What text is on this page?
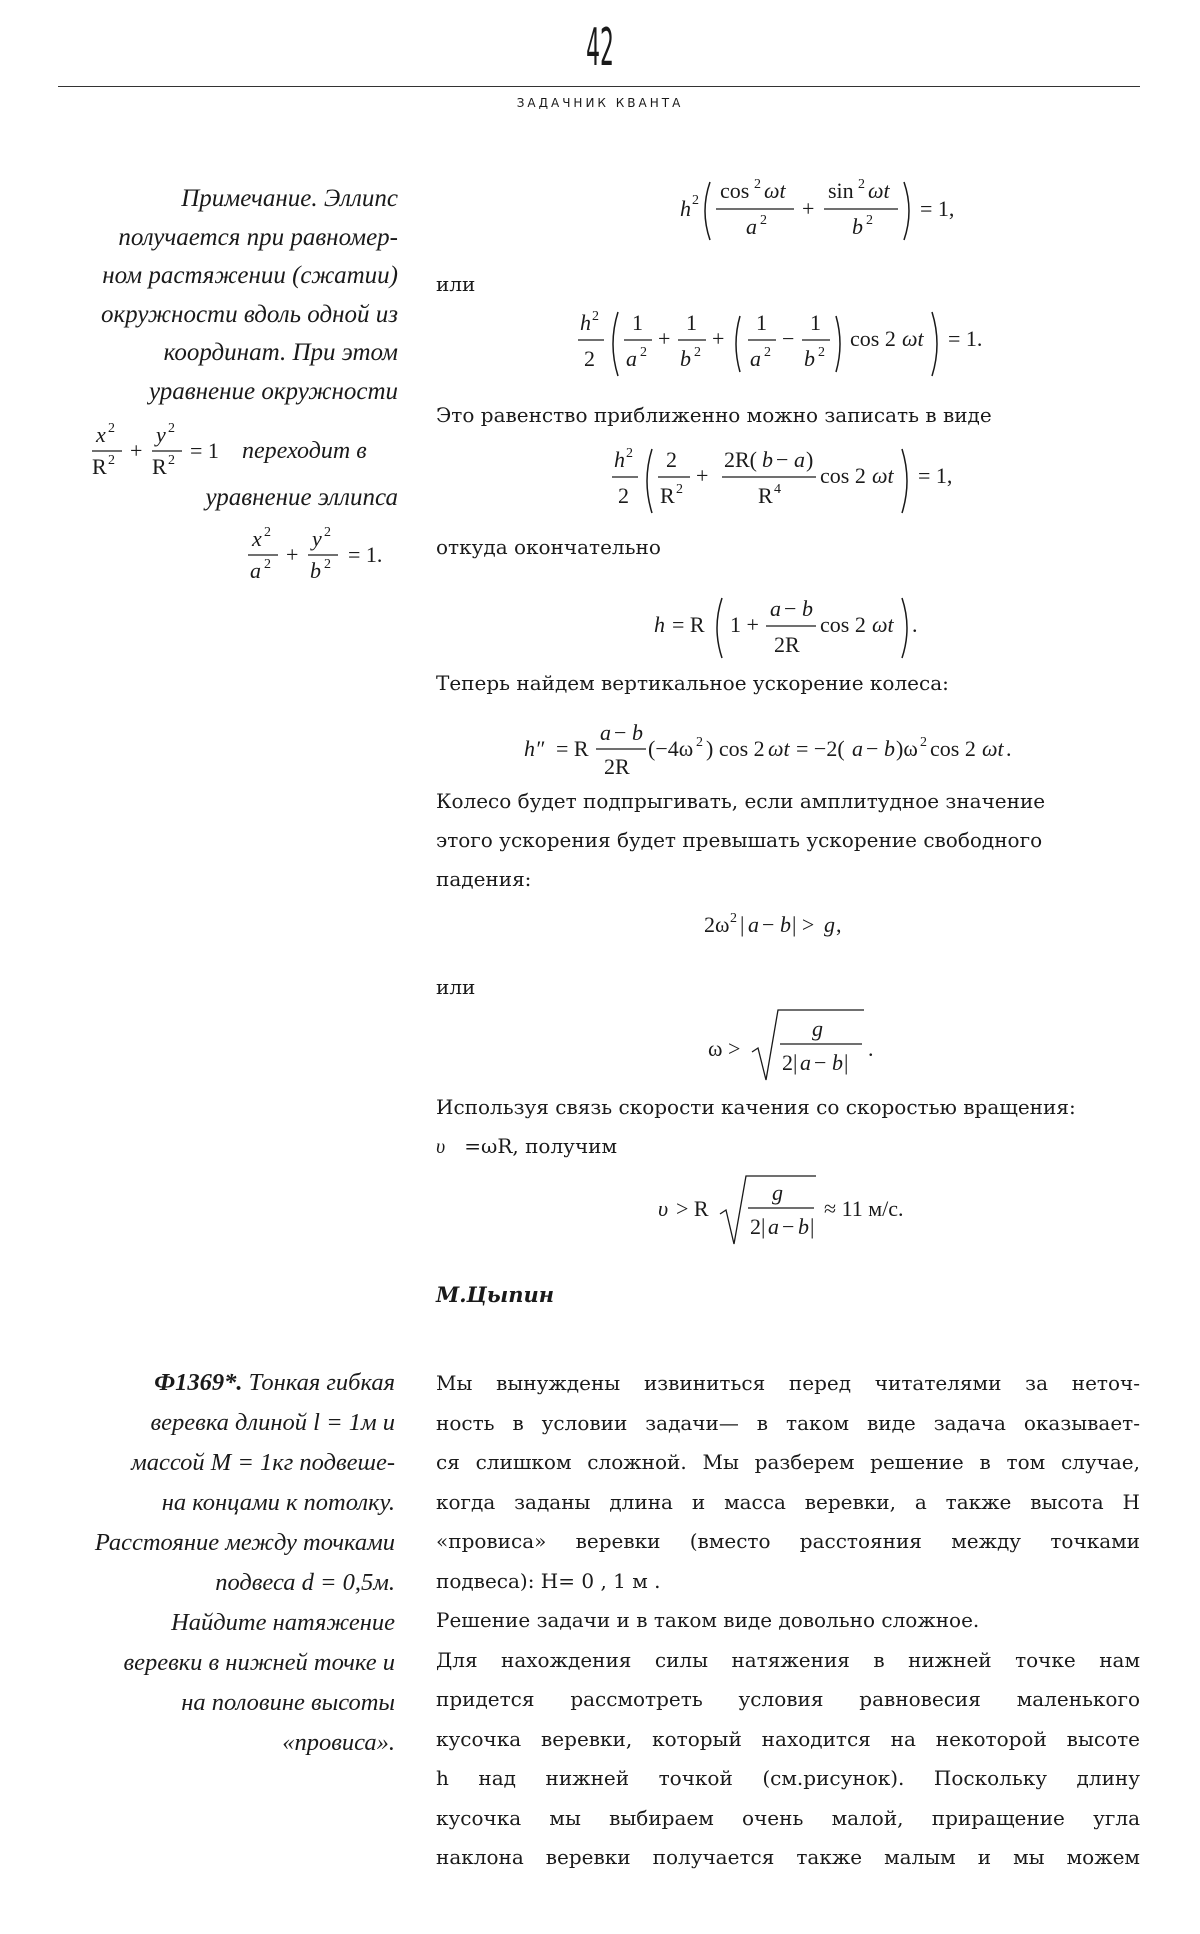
42
ЗАДАЧНИК КВАНТА
Примечание. Эллипс
получается при равномер-
ном растяжении (сжатии)
окружности вдоль одной из
координат. При этом
уравнение окружности
x 2
R 2 +
y 2
R 2 = 1 переходит в
уравнение эллипса
x 2
a 2 +
y 2
b 2 = 1.
h 2 cos 2 ωt
a 2 +
sin 2 ωt
b 2 = 1,
или
h 2
2
1
a 2
+
1
b 2
+
1
a 2
−
1
b 2
cos 2 ωt = 1.
Это равенство приближенно можно записать в виде
h 2
2
2
R 2
+
2R( b − a )
R 4
cos 2 ωt = 1,
откуда окончательно
h = R 1 +
a − b
2R
cos 2 ωt .
Теперь найдем вертикальное ускорение колеса:
h″ = R
a − b
2R
(−4ω 2 ) cos 2 ωt = −2( a − b )ω 2 cos 2 ωt .
Колесо будет подпрыгивать, если амплитудное значение
этого ускорения будет превышать ускорение свободного
падения:
2ω 2 | a − b | > g ,
или
ω >
g
2| a − b |
.
Используя связь скорости качения со скоростью вращения:
υ =ωR, получим
υ > R
g
2| a − b |
≈ 11 м/с.
М.Цыпин
Ф1369*. Тонкая гибкая
веревка длиной l = 1м и
массой M = 1кг подвеше-
на концами к потолку.
Расстояние между точками
подвеса d = 0,5м.
Найдите натяжение
веревки в нижней точке и
на половине высоты
«провиса».
Мы вынуждены извиниться перед читателями за неточ-
ность в условии задачи— в таком виде задача оказывает-
ся слишком сложной. Мы разберем решение в том случае,
когда заданы длина и масса веревки, а также высота H
«провиса» веревки (вместо расстояния между точками
подвеса): H= 0 , 1 м .
Решение задачи и в таком виде довольно сложное.
Для нахождения силы натяжения в нижней точке нам
придется рассмотреть условия равновесия маленького
кусочка веревки, который находится на некоторой высоте
h над нижней точкой (см.рисунок). Поскольку длину
кусочка мы выбираем очень малой, приращение угла
наклона веревки получается также малым и мы можем
